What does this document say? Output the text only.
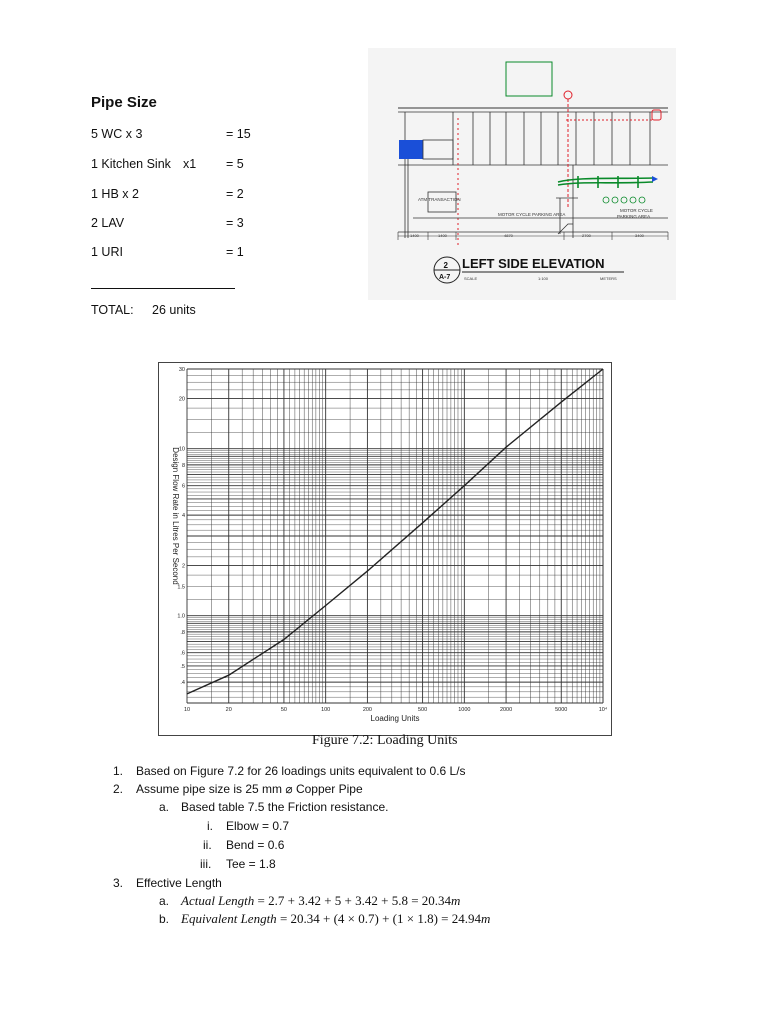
Pipe Size
5 WC x 3	= 15
1 Kitchen Sink x1 = 5
1 HB x 2	= 2
2 LAV	= 3
1 URI	= 1
TOTAL: 26 units
ATM TRANSACTION
MOTOR CYCLE PARKING AREA
MOTOR CYCLE
PARKING AREA
1400	1400	4870	2700	3400
2
A-7
LEFT SIDE ELEVATION
SCALE	1:100	METERS
10	20	50	100	200	500	1000	2000	5000	10⁴
30
20
10
8
6
4
2
1.5
1.0
.8
.6
.5
.4
Loading Units
Design Flow Rate in Litres Per Second
Figure 7.2: Loading Units
1. Based on Figure 7.2 for 26 loadings units equivalent to 0.6 L/s
2. Assume pipe size is 25 mm ⌀ Copper Pipe
a. Based table 7.5 the Friction resistance.
i. Elbow = 0.7
ii. Bend = 0.6
iii. Tee = 1.8
3. Effective Length
a. Actual Length = 2.7 + 3.42 + 5 + 3.42 + 5.8 = 20.34m
b. Equivalent Length = 20.34 + (4 × 0.7) + (1 × 1.8) = 24.94m
